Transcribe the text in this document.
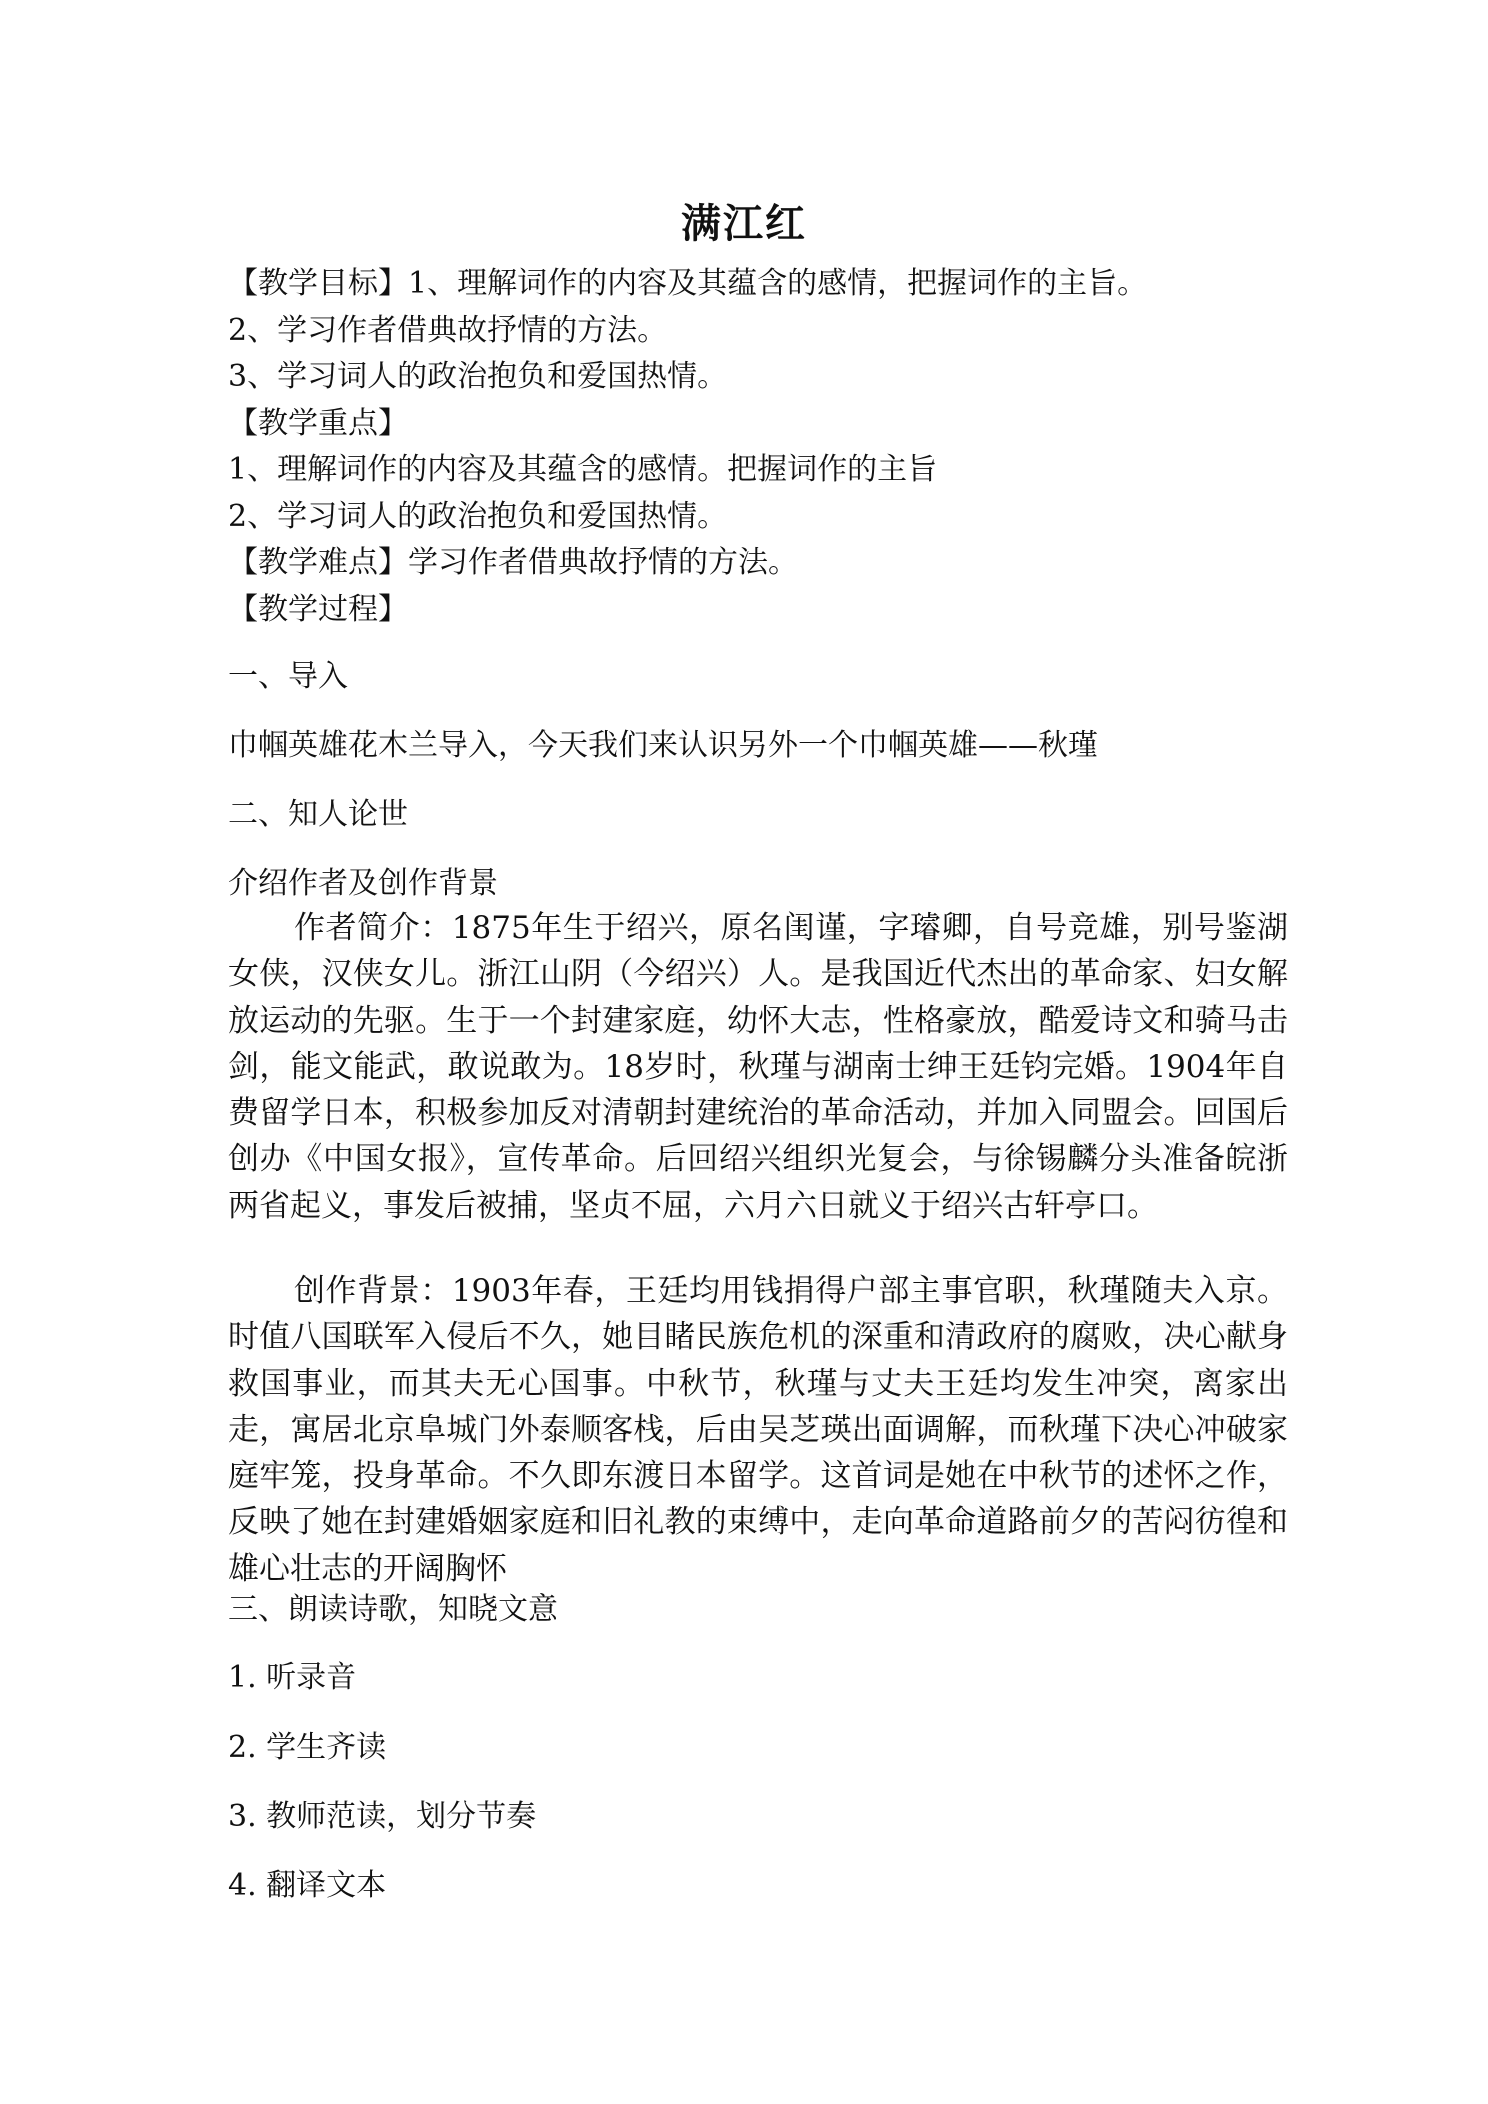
满江红
【教学目标】1、理解词作的内容及其蕴含的感情，把握词作的主旨。
2、学习作者借典故抒情的方法。
3、学习词人的政治抱负和爱国热情。
【教学重点】
1、理解词作的内容及其蕴含的感情。把握词作的主旨
2、学习词人的政治抱负和爱国热情。
【教学难点】学习作者借典故抒情的方法。
【教学过程】
一、导入
巾帼英雄花木兰导入，今天我们来认识另外一个巾帼英雄——秋瑾
二、知人论世
介绍作者及创作背景
作者简介：1875年生于绍兴，原名闺谨，字璿卿，自号竞雄，别号鉴湖女侠，汉侠女儿。浙江山阴（今绍兴）人。是我国近代杰出的革命家、妇女解放运动的先驱。生于一个封建家庭，幼怀大志，性格豪放，酷爱诗文和骑马击剑，能文能武，敢说敢为。18岁时，秋瑾与湖南士绅王廷钧完婚。1904年自费留学日本，积极参加反对清朝封建统治的革命活动，并加入同盟会。回国后创办《中国女报》，宣传革命。后回绍兴组织光复会，与徐锡麟分头准备皖浙两省起义，事发后被捕，坚贞不屈，六月六日就义于绍兴古轩亭口。
创作背景：1903年春，王廷均用钱捐得户部主事官职，秋瑾随夫入京。时值八国联军入侵后不久，她目睹民族危机的深重和清政府的腐败，决心献身救国事业，而其夫无心国事。中秋节，秋瑾与丈夫王廷均发生冲突，离家出走，寓居北京阜城门外泰顺客栈，后由吴芝瑛出面调解，而秋瑾下决心冲破家庭牢笼，投身革命。不久即东渡日本留学。这首词是她在中秋节的述怀之作，反映了她在封建婚姻家庭和旧礼教的束缚中，走向革命道路前夕的苦闷彷徨和雄心壮志的开阔胸怀
三、朗读诗歌，知晓文意
1. 听录音
2. 学生齐读
3. 教师范读，划分节奏
4. 翻译文本
